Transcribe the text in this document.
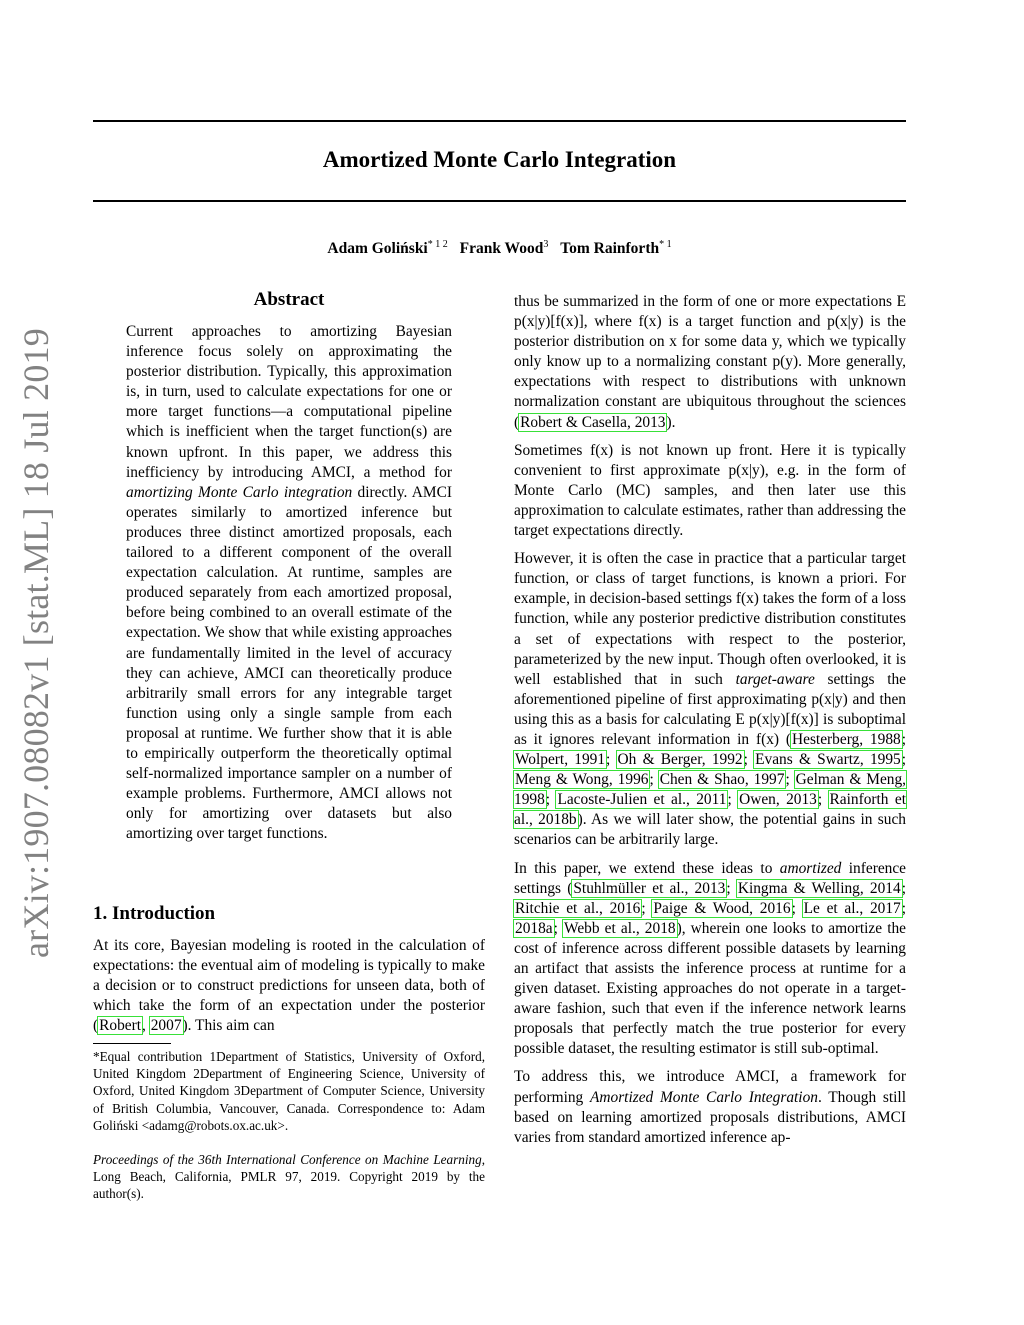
Amortized Monte Carlo Integration
Adam Goliński$^{* 1 2}$ Frank Wood$^3$ Tom Rainforth$^{* 1}$
arXiv:1907.08082v1 [stat.ML] 18 Jul 2019
Abstract
Current approaches to amortizing Bayesian inference focus solely on approximating the posterior distribution. Typically, this approximation is, in turn, used to calculate expectations for one or more target functions—a computational pipeline which is inefficient when the target function(s) are known upfront. In this paper, we address this inefficiency by introducing AMCI, a method for amortizing Monte Carlo integration directly. AMCI operates similarly to amortized inference but produces three distinct amortized proposals, each tailored to a different component of the overall expectation calculation. At runtime, samples are produced separately from each amortized proposal, before being combined to an overall estimate of the expectation. We show that while existing approaches are fundamentally limited in the level of accuracy they can achieve, AMCI can theoretically produce arbitrarily small errors for any integrable target function using only a single sample from each proposal at runtime. We further show that it is able to empirically outperform the theoretically optimal self-normalized importance sampler on a number of example problems. Furthermore, AMCI allows not only for amortizing over datasets but also amortizing over target functions.
1. Introduction
At its core, Bayesian modeling is rooted in the calculation of expectations: the eventual aim of modeling is typically to make a decision or to construct predictions for unseen data, both of which take the form of an expectation under the posterior (Robert, 2007). This aim can
*Equal contribution 1Department of Statistics, University of Oxford, United Kingdom 2Department of Engineering Science, University of Oxford, United Kingdom 3Department of Computer Science, University of British Columbia, Vancouver, Canada. Correspondence to: Adam Goliński <adamg@robots.ox.ac.uk>.
Proceedings of the 36th International Conference on Machine Learning, Long Beach, California, PMLR 97, 2019. Copyright 2019 by the author(s).

thus be summarized in the form of one or more expectations E p(x|y)[f(x)], where f(x) is a target function and p(x|y) is the posterior distribution on x for some data y, which we typically only know up to a normalizing constant p(y). More generally, expectations with respect to distributions with unknown normalization constant are ubiquitous throughout the sciences (Robert & Casella, 2013).

Sometimes f(x) is not known up front. Here it is typically convenient to first approximate p(x|y), e.g. in the form of Monte Carlo (MC) samples, and then later use this approximation to calculate estimates, rather than addressing the target expectations directly.

However, it is often the case in practice that a particular target function, or class of target functions, is known a priori. For example, in decision-based settings f(x) takes the form of a loss function, while any posterior predictive distribution constitutes a set of expectations with respect to the posterior, parameterized by the new input. Though often overlooked, it is well established that in such target-aware settings the aforementioned pipeline of first approximating p(x|y) and then using this as a basis for calculating E p(x|y)[f(x)] is suboptimal as it ignores relevant information in f(x) (Hesterberg, 1988; Wolpert, 1991; Oh & Berger, 1992; Evans & Swartz, 1995; Meng & Wong, 1996; Chen & Shao, 1997; Gelman & Meng, 1998; Lacoste-Julien et al., 2011; Owen, 2013; Rainforth et al., 2018b). As we will later show, the potential gains in such scenarios can be arbitrarily large.

In this paper, we extend these ideas to amortized inference settings (Stuhlmüller et al., 2013; Kingma & Welling, 2014; Ritchie et al., 2016; Paige & Wood, 2016; Le et al., 2017; 2018a; Webb et al., 2018), wherein one looks to amortize the cost of inference across different possible datasets by learning an artifact that assists the inference process at runtime for a given dataset. Existing approaches do not operate in a target-aware fashion, such that even if the inference network learns proposals that perfectly match the true posterior for every possible dataset, the resulting estimator is still sub-optimal.

To address this, we introduce AMCI, a framework for performing Amortized Monte Carlo Integration. Though still based on learning amortized proposals distributions, AMCI varies from standard amortized inference ap-
